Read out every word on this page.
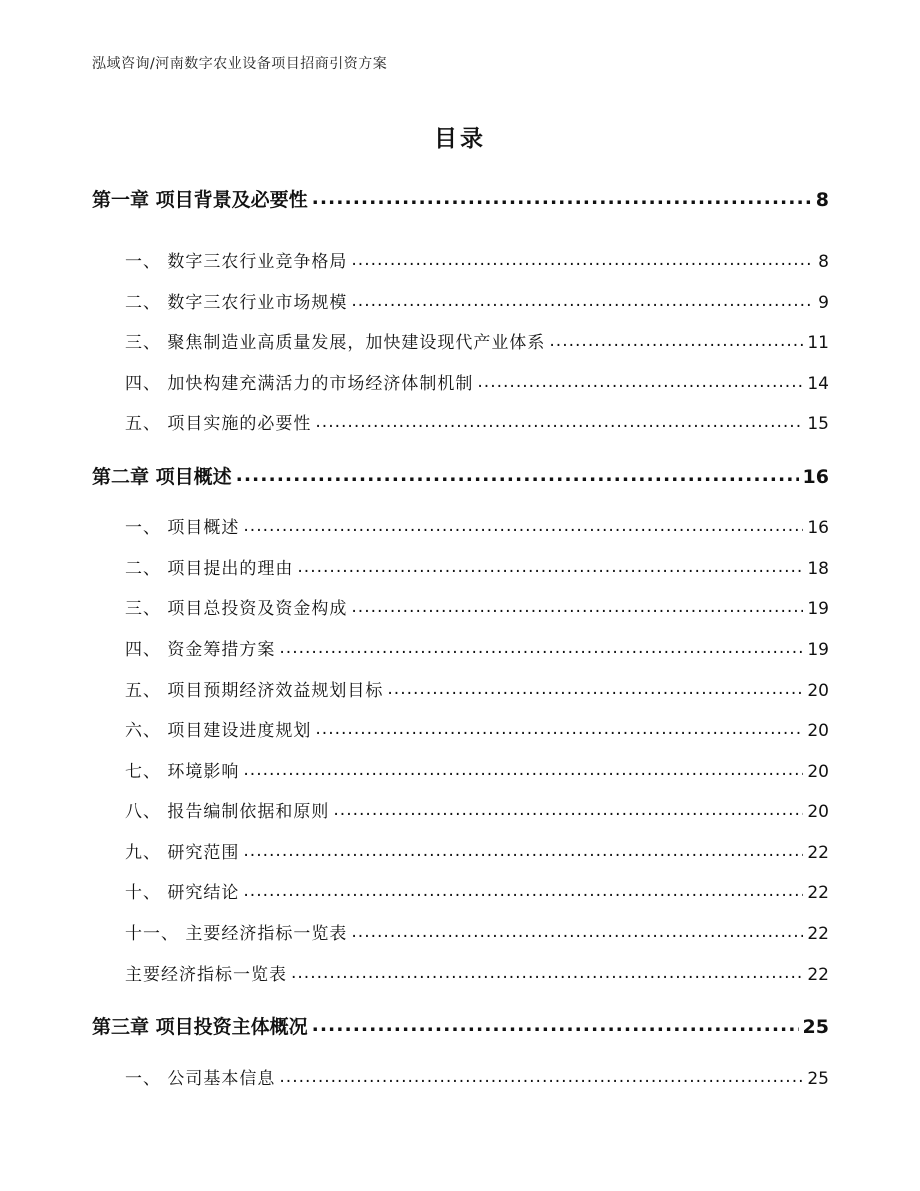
泓域咨询/河南数字农业设备项目招商引资方案
目录
第一章 项目背景及必要性 .....	8
一、 数字三农行业竞争格局 .....	8
二、 数字三农行业市场规模 .....	9
三、 聚焦制造业高质量发展，加快建设现代产业体系 .....	11
四、 加快构建充满活力的市场经济体制机制 .....	14
五、 项目实施的必要性 .....	15
第二章 项目概述 .....	16
一、 项目概述 .....	16
二、 项目提出的理由 .....	18
三、 项目总投资及资金构成 .....	19
四、 资金筹措方案 .....	19
五、 项目预期经济效益规划目标 .....	20
六、 项目建设进度规划 .....	20
七、 环境影响 .....	20
八、 报告编制依据和原则 .....	20
九、 研究范围 .....	22
十、 研究结论 .....	22
十一、 主要经济指标一览表 .....	22
主要经济指标一览表 .....	22
第三章 项目投资主体概况 .....	25
一、 公司基本信息 .....	25
